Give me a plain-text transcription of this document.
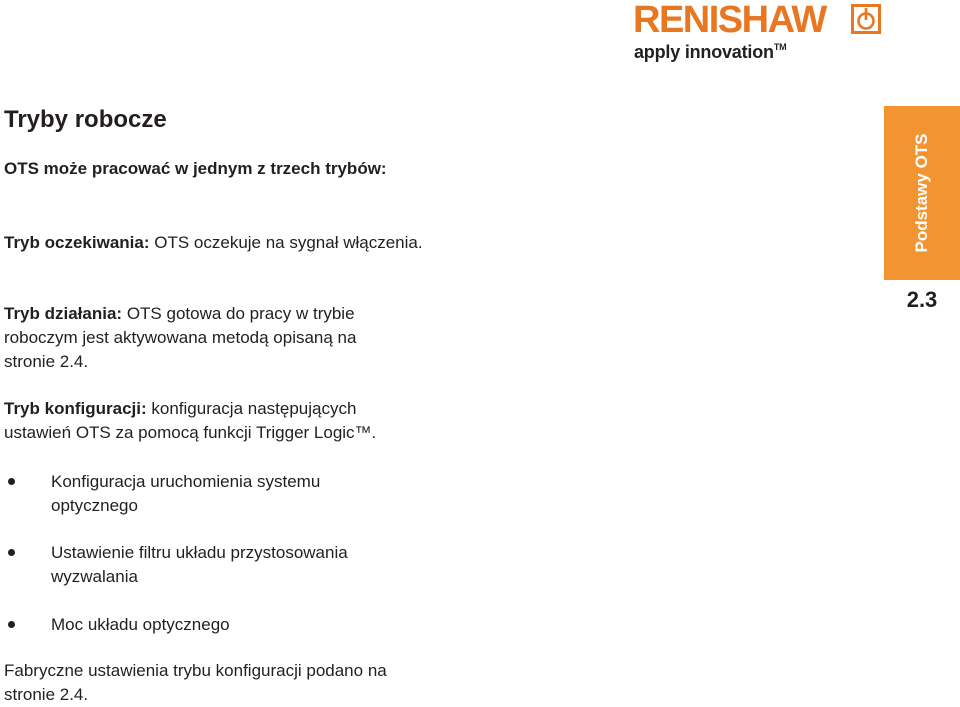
RENISHAW
apply innovation™
Tryby robocze

OTS może pracować w jednym z trzech trybów:

Tryb oczekiwania: OTS oczekuje na sygnał włączenia.

Tryb działania: OTS gotowa do pracy w trybie roboczym jest aktywowana metodą opisaną na stronie 2.4.

Tryb konfiguracji: konfiguracja następujących ustawień OTS za pomocą funkcji Trigger Logic™.

Konfiguracja uruchomienia systemu optycznego

Ustawienie filtru układu przystosowania wyzwalania

Moc układu optycznego

Fabryczne ustawienia trybu konfiguracji podano na stronie 2.4.

Podstawy OTS
2.3
